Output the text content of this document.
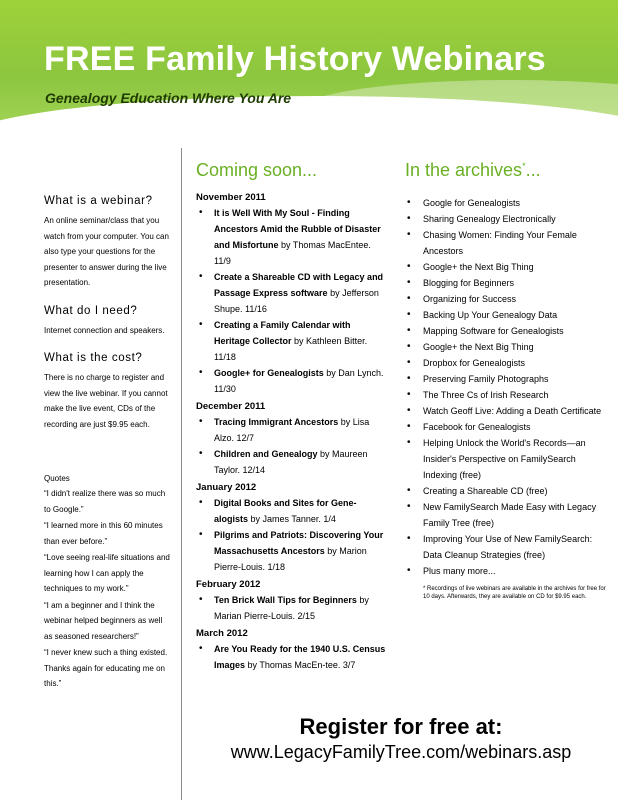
FREE Family History Webinars
Genealogy Education Where You Are
What is a webinar?
An online seminar/class that you watch from your computer. You can also type your questions for the presenter to answer during the live presentation.
What do I need?
Internet connection and speakers.
What is the cost?
There is no charge to register and view the live webinar. If you cannot make the live event, CDs of the recording are just $9.95 each.
Quotes
“I didn't realize there was so much to Google.”
“I learned more in this 60 minutes than ever before.”
“Love seeing real-life situations and learning how I can apply the techniques to my work.”
“I am a beginner and I think the webinar helped beginners as well as seasoned researchers!”
“I never knew such a thing existed. Thanks again for educating me on this.”
Coming soon...
November 2011
• It is Well With My Soul - Finding Ancestors Amid the Rubble of Disaster and Misfortune by Thomas MacEntee. 11/9
• Create a Shareable CD with Legacy and Passage Express software by Jefferson Shupe. 11/16
• Creating a Family Calendar with Heritage Collector by Kathleen Bitter. 11/18
• Google+ for Genealogists by Dan Lynch. 11/30
December 2011
• Tracing Immigrant Ancestors by Lisa Alzo. 12/7
• Children and Genealogy by Maureen Taylor. 12/14
January 2012
• Digital Books and Sites for Gene-alogists by James Tanner. 1/4
• Pilgrims and Patriots: Discovering Your Massachusetts Ancestors by Marion Pierre-Louis. 1/18
February 2012
• Ten Brick Wall Tips for Beginners by Marian Pierre-Louis. 2/15
March 2012
• Are You Ready for the 1940 U.S. Census Images by Thomas MacEn-tee. 3/7
In the archives*...
• Google for Genealogists
• Sharing Genealogy Electronically
• Chasing Women: Finding Your Female Ancestors
• Google+ the Next Big Thing
• Blogging for Beginners
• Organizing for Success
• Backing Up Your Genealogy Data
• Mapping Software for Genealogists
• Google+ the Next Big Thing
• Dropbox for Genealogists
• Preserving Family Photographs
• The Three Cs of Irish Research
• Watch Geoff Live: Adding a Death Certificate
• Facebook for Genealogists
• Helping Unlock the World's Records—an Insider's Perspective on FamilySearch Indexing (free)
• Creating a Shareable CD (free)
• New FamilySearch Made Easy with Legacy Family Tree (free)
• Improving Your Use of New FamilySearch: Data Cleanup Strategies (free)
• Plus many more...
* Recordings of live webinars are available in the archives for free for 10 days. Afterwards, they are available on CD for $9.95 each.
Register for free at:
www.LegacyFamilyTree.com/webinars.asp
